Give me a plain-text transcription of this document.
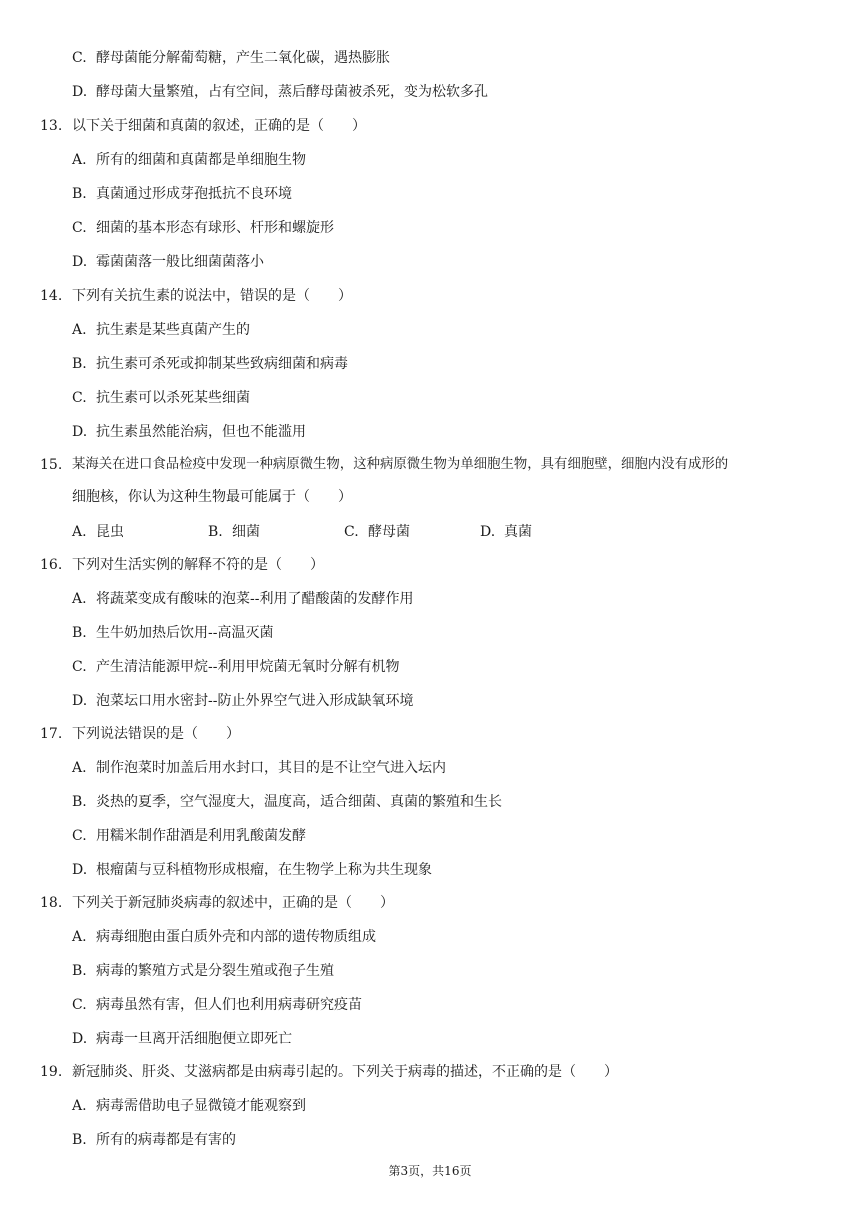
C. 酵母菌能分解葡萄糖，产生二氧化碳，遇热膨胀
D. 酵母菌大量繁殖，占有空间，蒸后酵母菌被杀死，变为松软多孔
13. 以下关于细菌和真菌的叙述，正确的是（　　）
A. 所有的细菌和真菌都是单细胞生物
B. 真菌通过形成芽孢抵抗不良环境
C. 细菌的基本形态有球形、杆形和螺旋形
D. 霉菌菌落一般比细菌菌落小
14. 下列有关抗生素的说法中，错误的是（　　）
A. 抗生素是某些真菌产生的
B. 抗生素可杀死或抑制某些致病细菌和病毒
C. 抗生素可以杀死某些细菌
D. 抗生素虽然能治病，但也不能滥用
15. 某海关在进口食品检疫中发现一种病原微生物，这种病原微生物为单细胞生物，具有细胞壁，细胞内没有成形的
细胞核，你认为这种生物最可能属于（　　）
A. 昆虫	B. 细菌	C. 酵母菌	D. 真菌
16. 下列对生活实例的解释不符的是（　　）
A. 将蔬菜变成有酸味的泡菜--利用了醋酸菌的发酵作用
B. 生牛奶加热后饮用--高温灭菌
C. 产生清洁能源甲烷--利用甲烷菌无氧时分解有机物
D. 泡菜坛口用水密封--防止外界空气进入形成缺氧环境
17. 下列说法错误的是（　　）
A. 制作泡菜时加盖后用水封口，其目的是不让空气进入坛内
B. 炎热的夏季，空气湿度大，温度高，适合细菌、真菌的繁殖和生长
C. 用糯米制作甜酒是利用乳酸菌发酵
D. 根瘤菌与豆科植物形成根瘤，在生物学上称为共生现象
18. 下列关于新冠肺炎病毒的叙述中，正确的是（　　）
A. 病毒细胞由蛋白质外壳和内部的遗传物质组成
B. 病毒的繁殖方式是分裂生殖或孢子生殖
C. 病毒虽然有害，但人们也利用病毒研究疫苗
D. 病毒一旦离开活细胞便立即死亡
19. 新冠肺炎、肝炎、艾滋病都是由病毒引起的。下列关于病毒的描述，不正确的是（　　）
A. 病毒需借助电子显微镜才能观察到
B. 所有的病毒都是有害的
第3页，共16页
